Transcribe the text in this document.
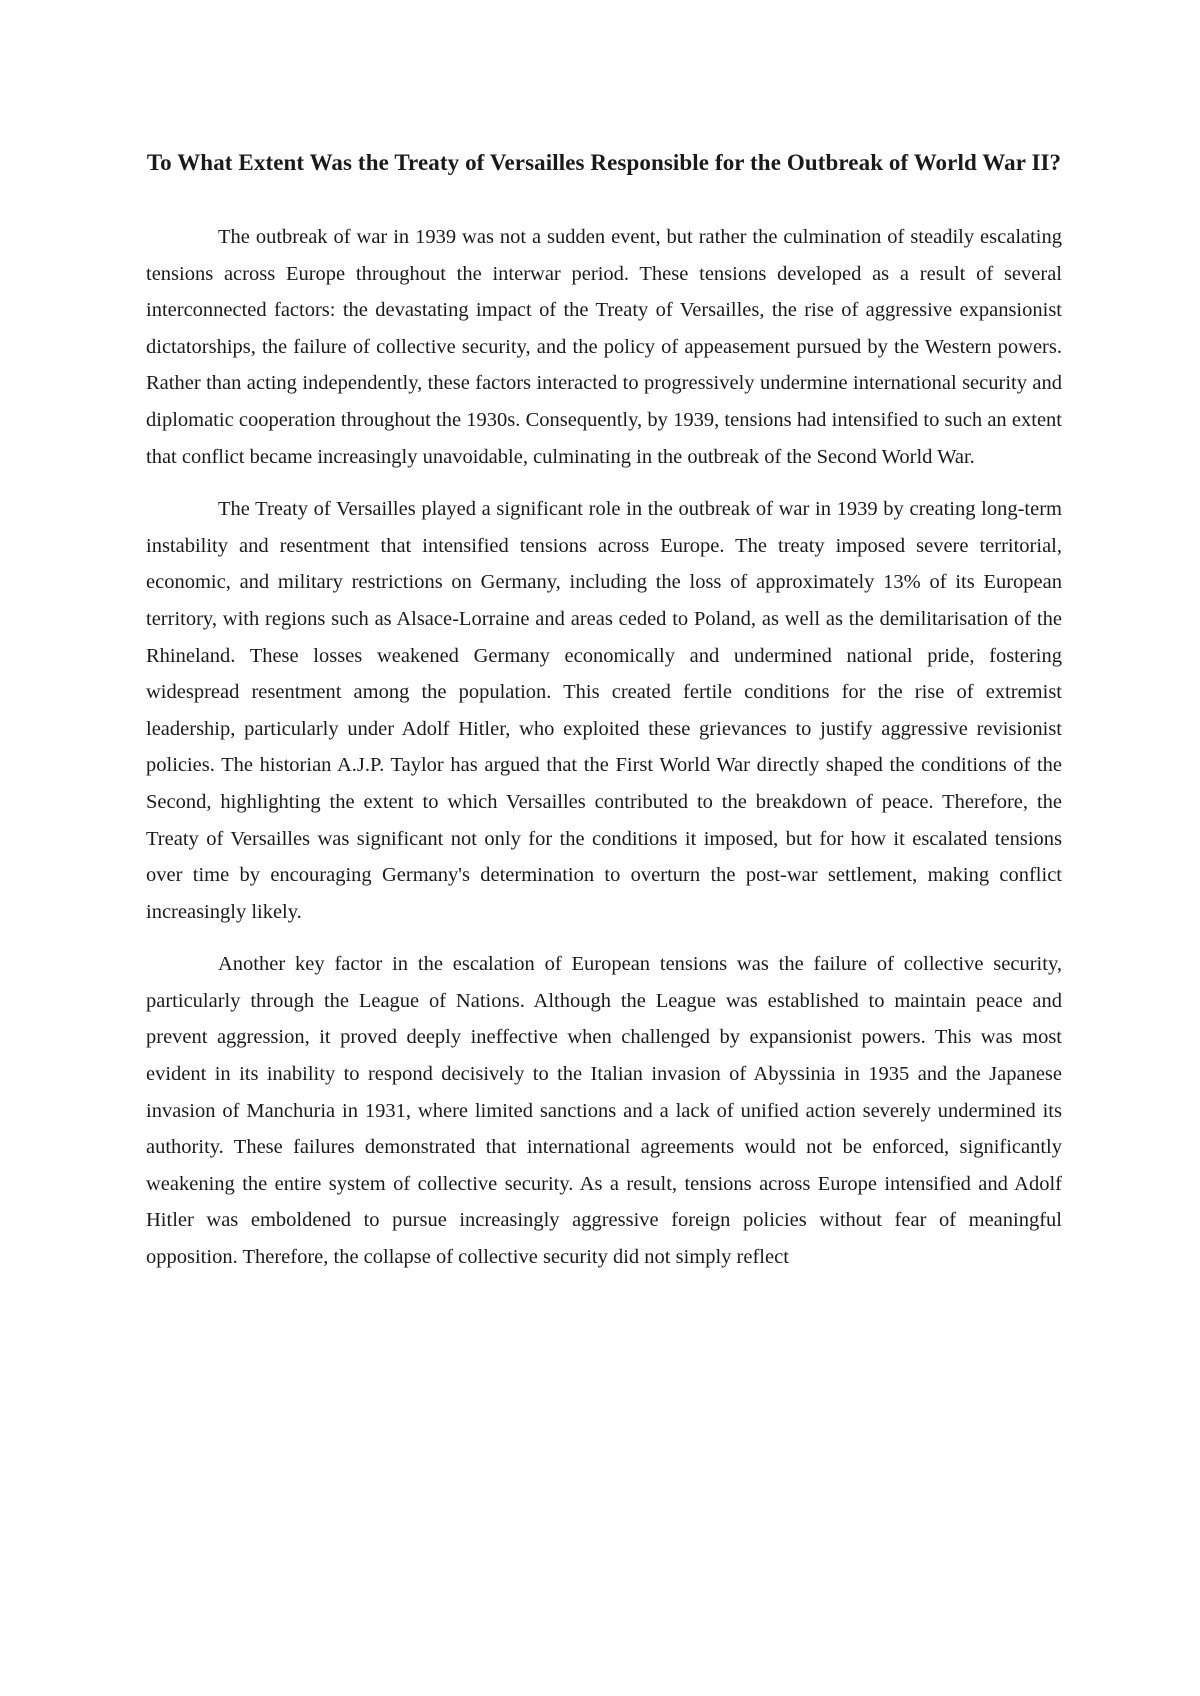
To What Extent Was the Treaty of Versailles Responsible for the Outbreak of World War II?

The outbreak of war in 1939 was not a sudden event, but rather the culmination of steadily escalating tensions across Europe throughout the interwar period. These tensions developed as a result of several interconnected factors: the devastating impact of the Treaty of Versailles, the rise of aggressive expansionist dictatorships, the failure of collective security, and the policy of appeasement pursued by the Western powers. Rather than acting independently, these factors interacted to progressively undermine international security and diplomatic cooperation throughout the 1930s. Consequently, by 1939, tensions had intensified to such an extent that conflict became increasingly unavoidable, culminating in the outbreak of the Second World War.

The Treaty of Versailles played a significant role in the outbreak of war in 1939 by creating long-term instability and resentment that intensified tensions across Europe. The treaty imposed severe territorial, economic, and military restrictions on Germany, including the loss of approximately 13% of its European territory, with regions such as Alsace-Lorraine and areas ceded to Poland, as well as the demilitarisation of the Rhineland. These losses weakened Germany economically and undermined national pride, fostering widespread resentment among the population. This created fertile conditions for the rise of extremist leadership, particularly under Adolf Hitler, who exploited these grievances to justify aggressive revisionist policies. The historian A.J.P. Taylor has argued that the First World War directly shaped the conditions of the Second, highlighting the extent to which Versailles contributed to the breakdown of peace. Therefore, the Treaty of Versailles was significant not only for the conditions it imposed, but for how it escalated tensions over time by encouraging Germany's determination to overturn the post-war settlement, making conflict increasingly likely.

Another key factor in the escalation of European tensions was the failure of collective security, particularly through the League of Nations. Although the League was established to maintain peace and prevent aggression, it proved deeply ineffective when challenged by expansionist powers. This was most evident in its inability to respond decisively to the Italian invasion of Abyssinia in 1935 and the Japanese invasion of Manchuria in 1931, where limited sanctions and a lack of unified action severely undermined its authority. These failures demonstrated that international agreements would not be enforced, significantly weakening the entire system of collective security. As a result, tensions across Europe intensified and Adolf Hitler was emboldened to pursue increasingly aggressive foreign policies without fear of meaningful opposition. Therefore, the collapse of collective security did not simply reflect
